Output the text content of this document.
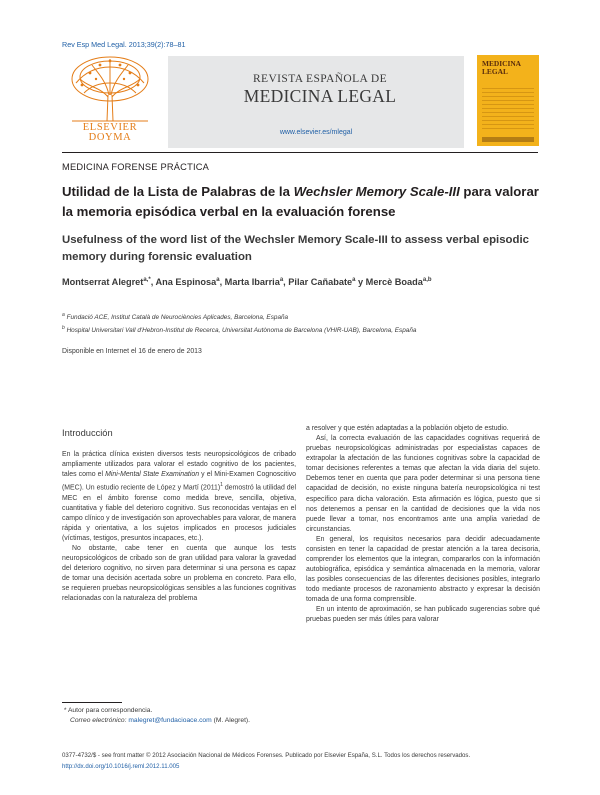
Rev Esp Med Legal. 2013;39(2):78–81
ELSEVIER
DOYMA
REVISTA ESPAÑOLA DE
MEDICINA LEGAL
www.elsevier.es/mlegal
MEDICINA
LEGAL
MEDICINA FORENSE PRÁCTICA
Utilidad de la Lista de Palabras de la Wechsler Memory Scale-III para valorar la memoria episódica verbal en la evaluación forense
Usefulness of the word list of the Wechsler Memory Scale-III to assess verbal episodic memory during forensic evaluation
Montserrat Alegret$^{a,*}$, Ana Espinosa$^a$, Marta Ibarria$^a$, Pilar Cañabate$^a$ y Mercè Boada$^{a,b}$
$^a$ Fundació ACE, Institut Català de Neurociències Aplicades, Barcelona, España
$^b$ Hospital Universitari Vall d'Hebron-Institut de Recerca, Universitat Autònoma de Barcelona (VHIR-UAB), Barcelona, España
Disponible en Internet el 16 de enero de 2013
Introducción

En la práctica clínica existen diversos tests neuropsicológicos de cribado ampliamente utilizados para valorar el estado cognitivo de los pacientes, tales como el Mini-Mental State Examination y el Mini-Examen Cognoscitivo (MEC). Un estudio reciente de López y Martí $(2011)^1$ demostró la utilidad del MEC en el ámbito forense como medida breve, sencilla, objetiva, cuantitativa y fiable del deterioro cognitivo. Sus reconocidas ventajas en el campo clínico y de investigación son aprovechables para valorar, de manera rápida y orientativa, a los sujetos implicados en procesos judiciales (víctimas, testigos, presuntos incapaces, etc.).

No obstante, cabe tener en cuenta que aunque los tests neuropsicológicos de cribado son de gran utilidad para valorar la gravedad del deterioro cognitivo, no sirven para determinar si una persona es capaz de tomar una decisión acertada sobre un problema en concreto. Para ello, se requieren pruebas neuropsicológicas sensibles a las funciones cognitivas relacionadas con la naturaleza del problema

a resolver y que estén adaptadas a la población objeto de estudio.

Así, la correcta evaluación de las capacidades cognitivas requerirá de pruebas neuropsicológicas administradas por especialistas capaces de extrapolar la afectación de las funciones cognitivas sobre la capacidad de tomar decisiones referentes a temas que afectan la vida diaria del sujeto. Debemos tener en cuenta que para poder determinar si una persona tiene capacidad de decisión, no existe ninguna batería neuropsicológica ni test específico para dicha valoración. Esta afirmación es lógica, puesto que si nos detenemos a pensar en la cantidad de decisiones que la vida nos puede llevar a tomar, nos encontramos ante una amplia variedad de circunstancias.

En general, los requisitos necesarios para decidir adecuadamente consisten en tener la capacidad de prestar atención a la tarea decisoria, comprender los elementos que la integran, compararlos con la información autobiográfica, episódica y semántica almacenada en la memoria, valorar las posibles consecuencias de las diferentes decisiones posibles, integrarlo todo mediante procesos de razonamiento abstracto y expresar la decisión tomada de una forma comprensible.

En un intento de aproximación, se han publicado sugerencias sobre qué pruebas pueden ser más útiles para valorar

* Autor para correspondencia.
Correo electrónico: malegret@fundacioace.com (M. Alegret).
0377-4732/$ - see front matter © 2012 Asociación Nacional de Médicos Forenses. Publicado por Elsevier España, S.L. Todos los derechos reservados.
http://dx.doi.org/10.1016/j.reml.2012.11.005
